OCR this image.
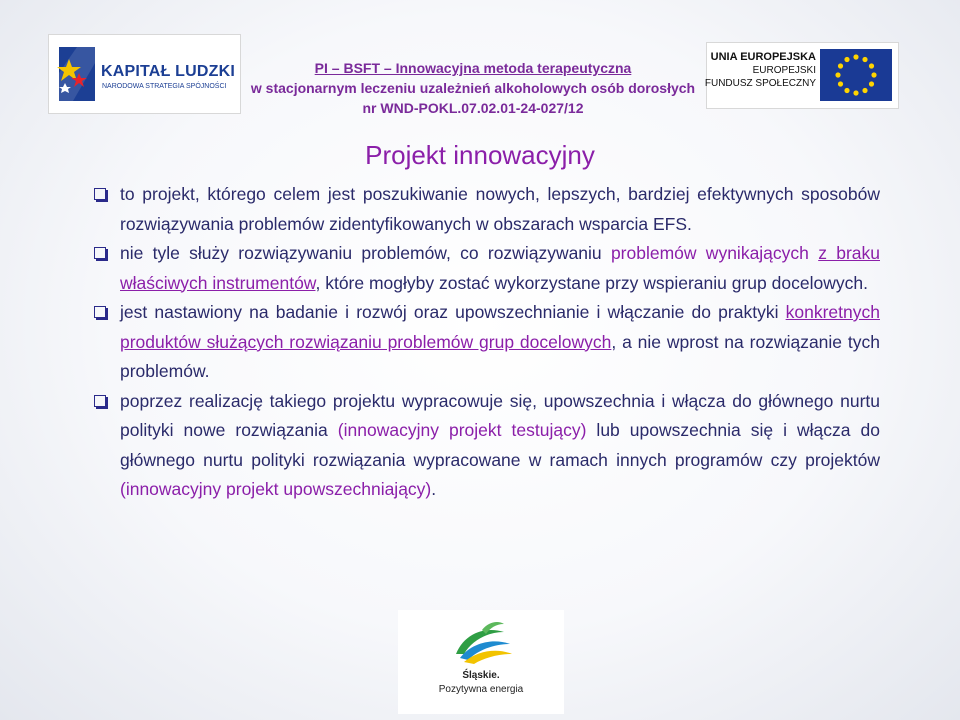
KAPITAŁ LUDZKI
NARODOWA STRATEGIA SPÓJNOŚCI
PI – BSFT – Innowacyjna metoda terapeutyczna
w stacjonarnym leczeniu uzależnień alkoholowych osób dorosłych
nr WND-POKL.07.02.01-24-027/12
UNIA EUROPEJSKA
EUROPEJSKI
FUNDUSZ SPOŁECZNY
Projekt innowacyjny
to projekt, którego celem jest poszukiwanie nowych, lepszych, bardziej efektywnych sposobów rozwiązywania problemów zidentyfikowanych w obszarach wsparcia EFS.
nie tyle służy rozwiązywaniu problemów, co rozwiązywaniu problemów wynikających z braku właściwych instrumentów, które mogłyby zostać wykorzystane przy wspieraniu grup docelowych.
jest nastawiony na badanie i rozwój oraz upowszechnianie i włączanie do praktyki konkretnych produktów służących rozwiązaniu problemów grup docelowych, a nie wprost na rozwiązanie tych problemów.
poprzez realizację takiego projektu wypracowuje się, upowszechnia i włącza do głównego nurtu polityki nowe rozwiązania (innowacyjny projekt testujący) lub upowszechnia się i włącza do głównego nurtu polityki rozwiązania wypracowane w ramach innych programów czy projektów (innowacyjny projekt upowszechniający).
Śląskie.
Pozytywna energia
